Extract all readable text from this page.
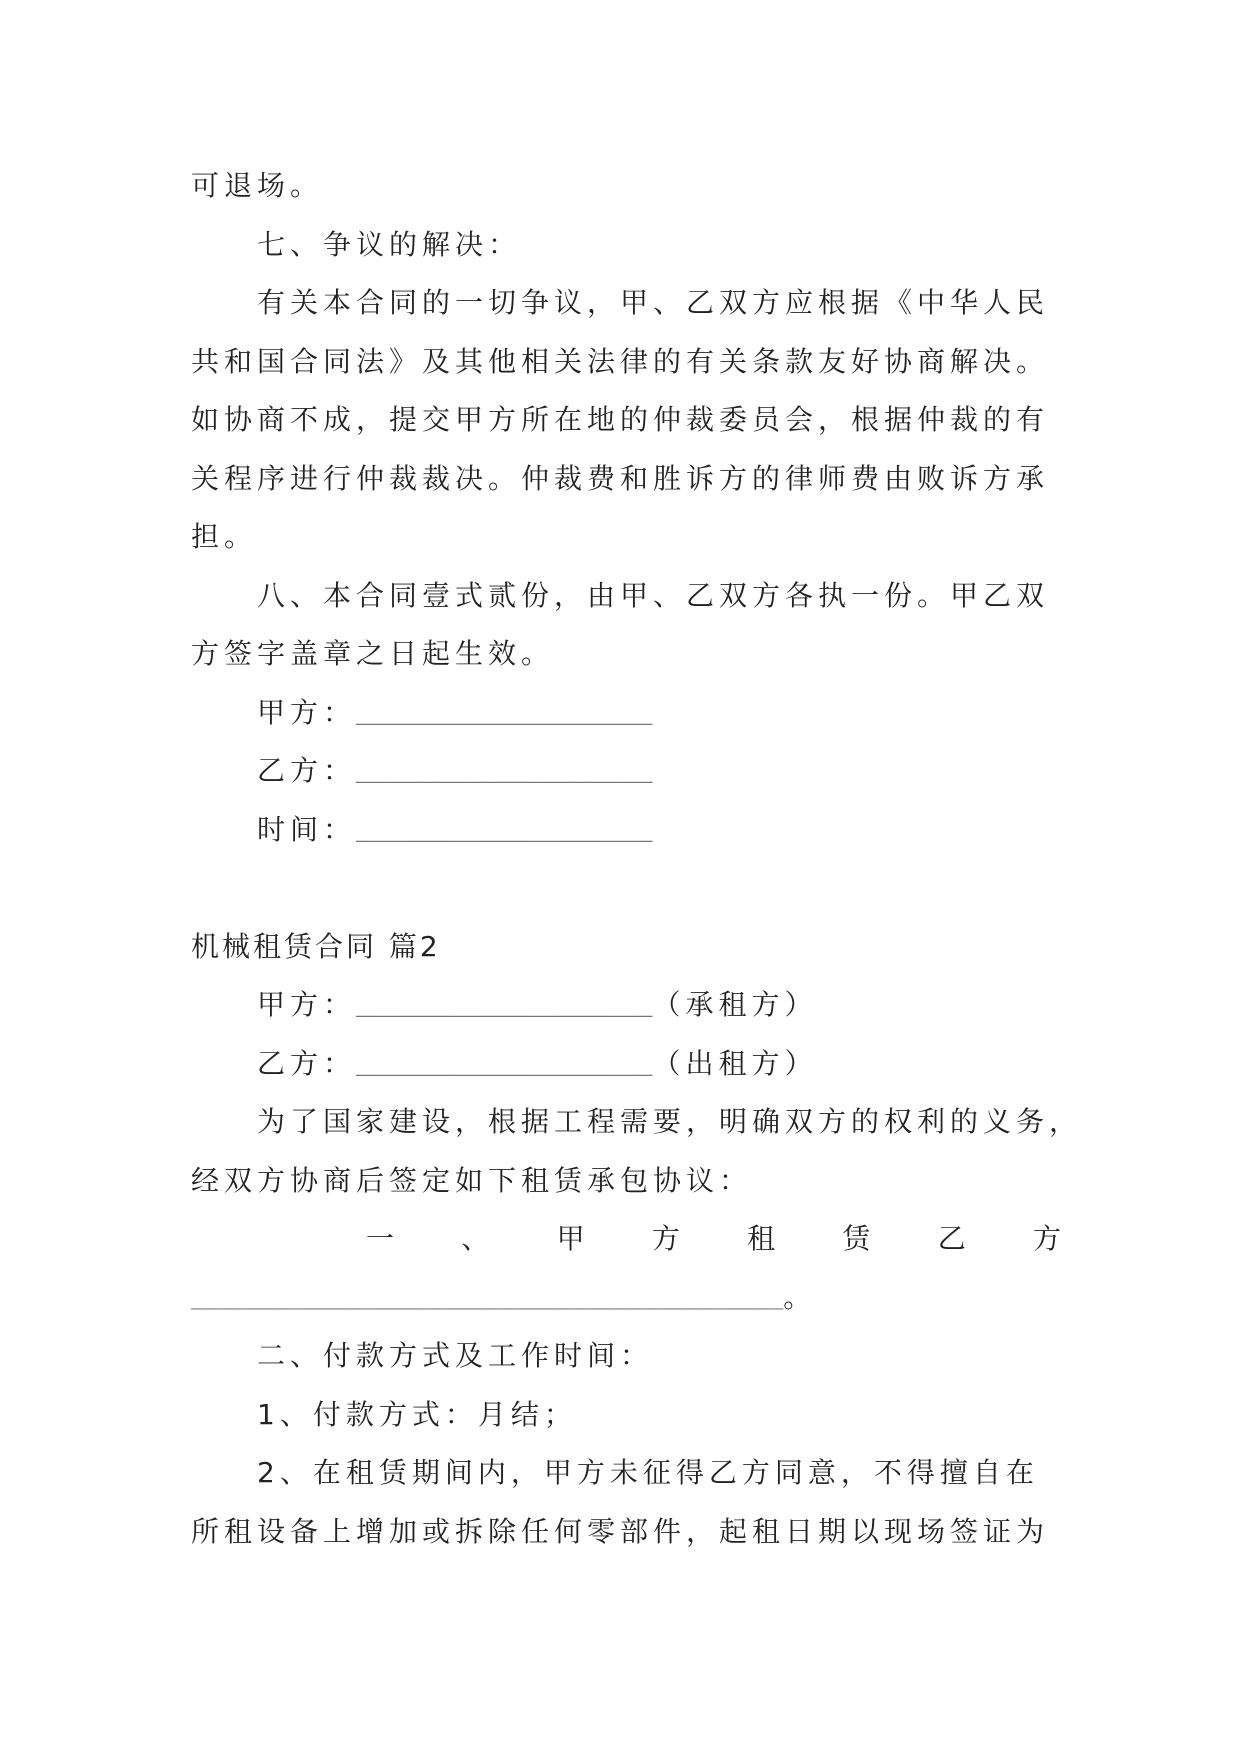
可退场。
七、争议的解决：
有关本合同的一切争议，甲、乙双方应根据《中华人民
共和国合同法》及其他相关法律的有关条款友好协商解决。
如协商不成，提交甲方所在地的仲裁委员会，根据仲裁的有
关程序进行仲裁裁决。仲裁费和胜诉方的律师费由败诉方承
担。
八、本合同壹式贰份，由甲、乙双方各执一份。甲乙双
方签字盖章之日起生效。
甲方：___________________
乙方：___________________
时间：___________________
机械租赁合同 篇2
甲方：___________________（承租方）
乙方：___________________（出租方）
为了国家建设，根据工程需要，明确双方的权利的义务，
经双方协商后签定如下租赁承包协议：
一 、 甲 方 租 赁 乙 方
__________________________________________。
二、付款方式及工作时间：
1、付款方式：月结；
2、在租赁期间内，甲方未征得乙方同意，不得擅自在
所租设备上增加或拆除任何零部件，起租日期以现场签证为
